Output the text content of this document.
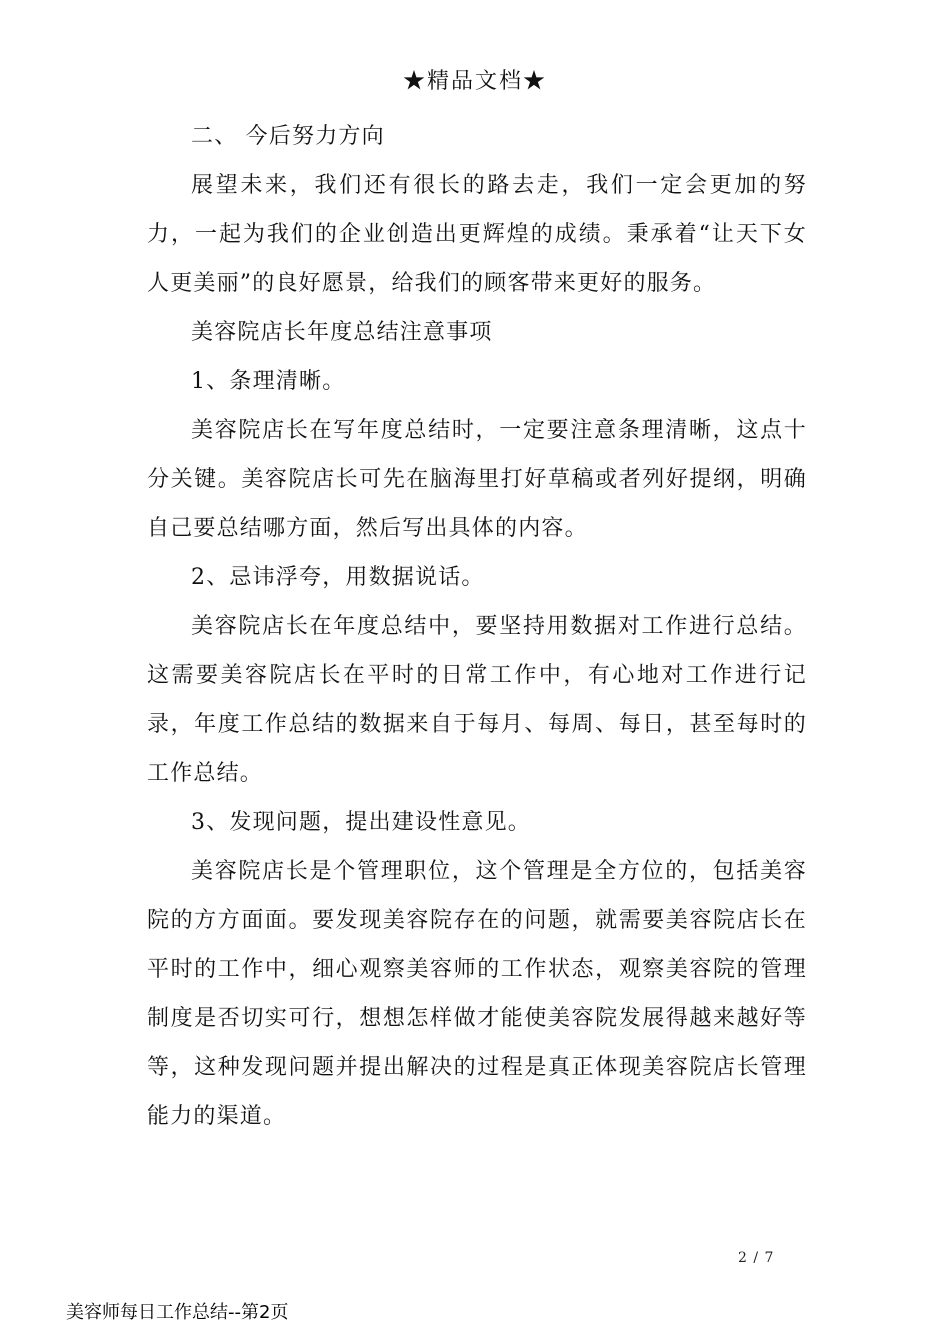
★精品文档★

二、 今后努力方向

展望未来，我们还有很长的路去走，我们一定会更加的努力，一起为我们的企业创造出更辉煌的成绩。秉承着“让天下女人更美丽”的良好愿景，给我们的顾客带来更好的服务。

美容院店长年度总结注意事项

1、条理清晰。

美容院店长在写年度总结时，一定要注意条理清晰，这点十分关键。美容院店长可先在脑海里打好草稿或者列好提纲，明确自己要总结哪方面，然后写出具体的内容。

2、忌讳浮夸，用数据说话。

美容院店长在年度总结中，要坚持用数据对工作进行总结。这需要美容院店长在平时的日常工作中，有心地对工作进行记录，年度工作总结的数据来自于每月、每周、每日，甚至每时的工作总结。

3、发现问题，提出建设性意见。

美容院店长是个管理职位，这个管理是全方位的，包括美容院的方方面面。要发现美容院存在的问题，就需要美容院店长在平时的工作中，细心观察美容师的工作状态，观察美容院的管理制度是否切实可行，想想怎样做才能使美容院发展得越来越好等等，这种发现问题并提出解决的过程是真正体现美容院店长管理能力的渠道。

2 / 7
美容师每日工作总结--第2页
